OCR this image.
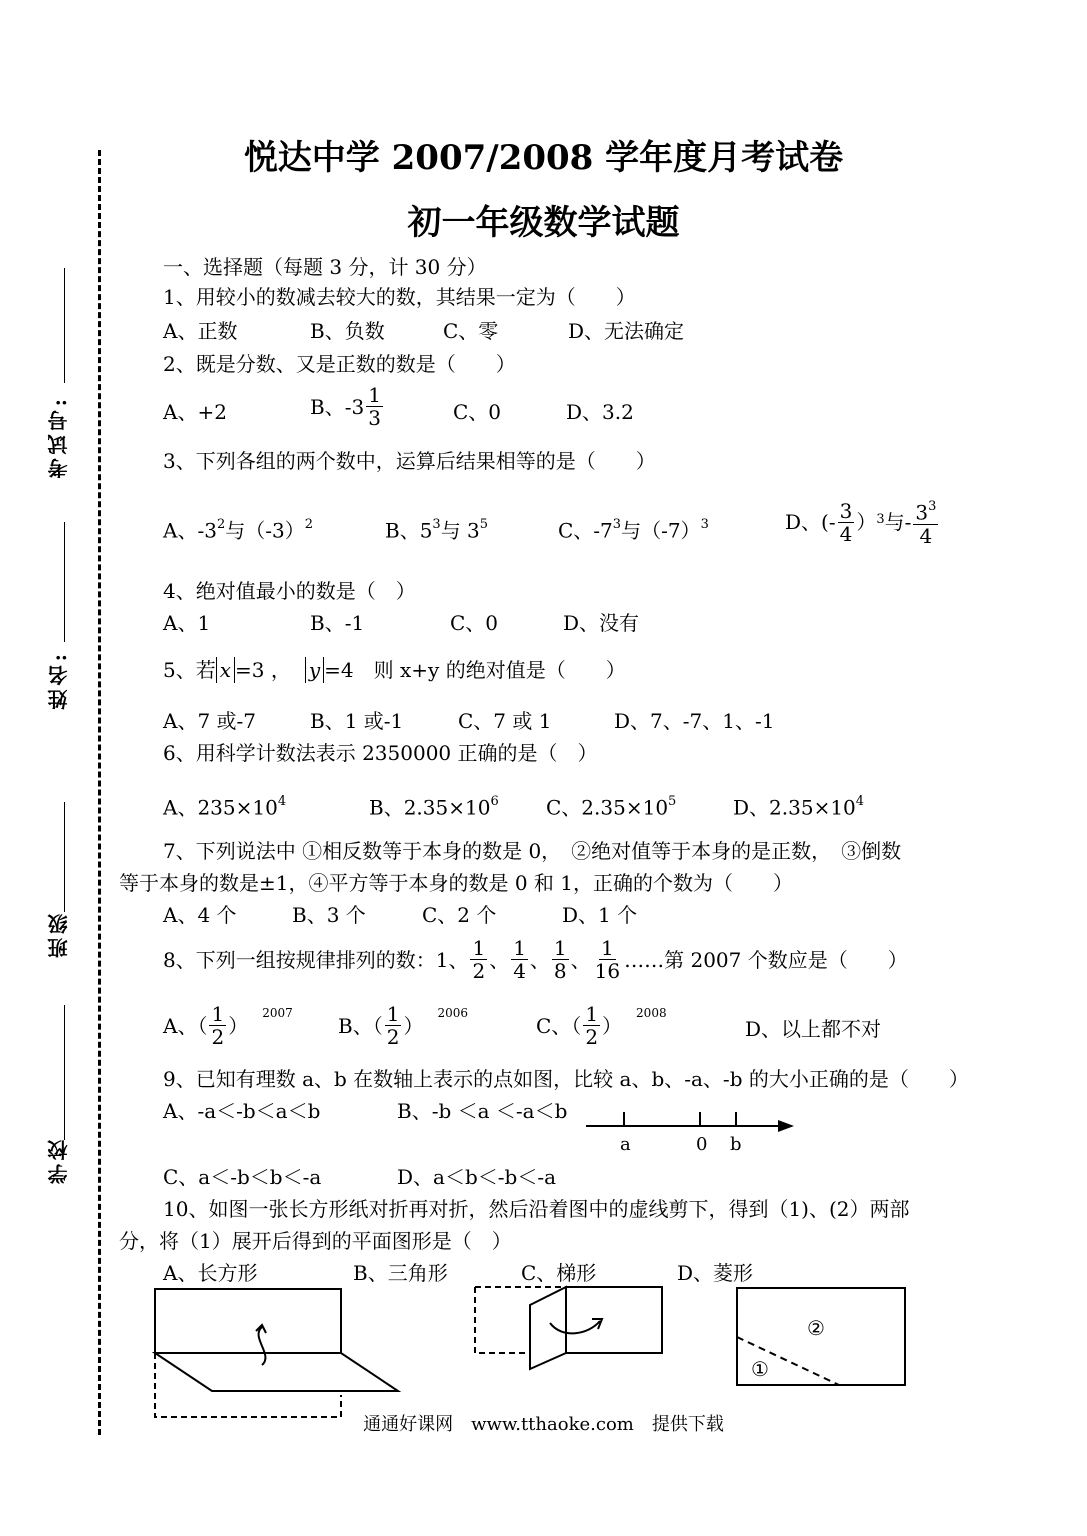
考试号:
姓名:
班级
学校
悦达中学 2007/2008 学年度月考试卷
初一年级数学试题
一、选择题（每题 3 分，计 30 分）
1、用较小的数减去较大的数，其结果一定为（　　）
A、正数	B、负数	C、零	D、无法确定
2、既是分数、又是正数的数是（　　）
A、+2	B、$-3 \frac{1}{3}$	C、0	D、3.2
3、下列各组的两个数中，运算后结果相等的是（　　）
A、$-3^2$与$(-3)^2$	B、$5^3$与 $3^5$	C、$-7^3$与$(-7)^3$	D、(- $\frac{3}{4} )^3$ 与- $\frac{3^3}{4}$
4、绝对值最小的数是（　）
A、1	B、-1	C、0	D、没有
5、若 x =3 ， y =4　则 x+y 的绝对值是（　　）
A、7 或-7	B、1 或-1	C、7 或 1	D、7、-7、1、-1
6、用科学计数法表示 2350000 正确的是（　）
A、$235\times 10^4$	B、$2.35\times 10^6$ C、$2.35\times 10^5$	D、$2.35\times 10^4$
7、下列说法中 ①相反数等于本身的数是 0，　②绝对值等于本身的是正数，　③倒数
等于本身的数是±1，④平方等于本身的数是 0 和 1，正确的个数为（　　）
A、4 个	B、3 个	C、2 个	D、1 个
8、下列一组按规律排列的数：1、 $\frac{1}{2}$ 、 $\frac{1}{4}$ 、 $\frac{1}{8}$ 、 $\frac{1}{16}$ ……第 2007 个数应是（　　）
A、（ $\frac{1}{2}$ ）
$^{2007}$
B、（ $\frac{1}{2}$ ）
$^{2006}$
C、（ $\frac{1}{2}$ ）
$^{2008}$
D、以上都不对
9、已知有理数 a、b 在数轴上表示的点如图，比较 a、b、-a、-b 的大小正确的是（　　）
A、-a＜-b＜a＜b	B、-b ＜a ＜-a＜b
a	0 b
C、a＜-b＜b＜-a	D、a＜b＜-b＜-a
10、如图一张长方形纸对折再对折，然后沿着图中的虚线剪下，得到（1)、(2）两部
分，将（1）展开后得到的平面图形是（　）
A、长方形	B、三角形	C、梯形	D、菱形
②
①
通通好课网　www.tthaoke.com　提供下载
